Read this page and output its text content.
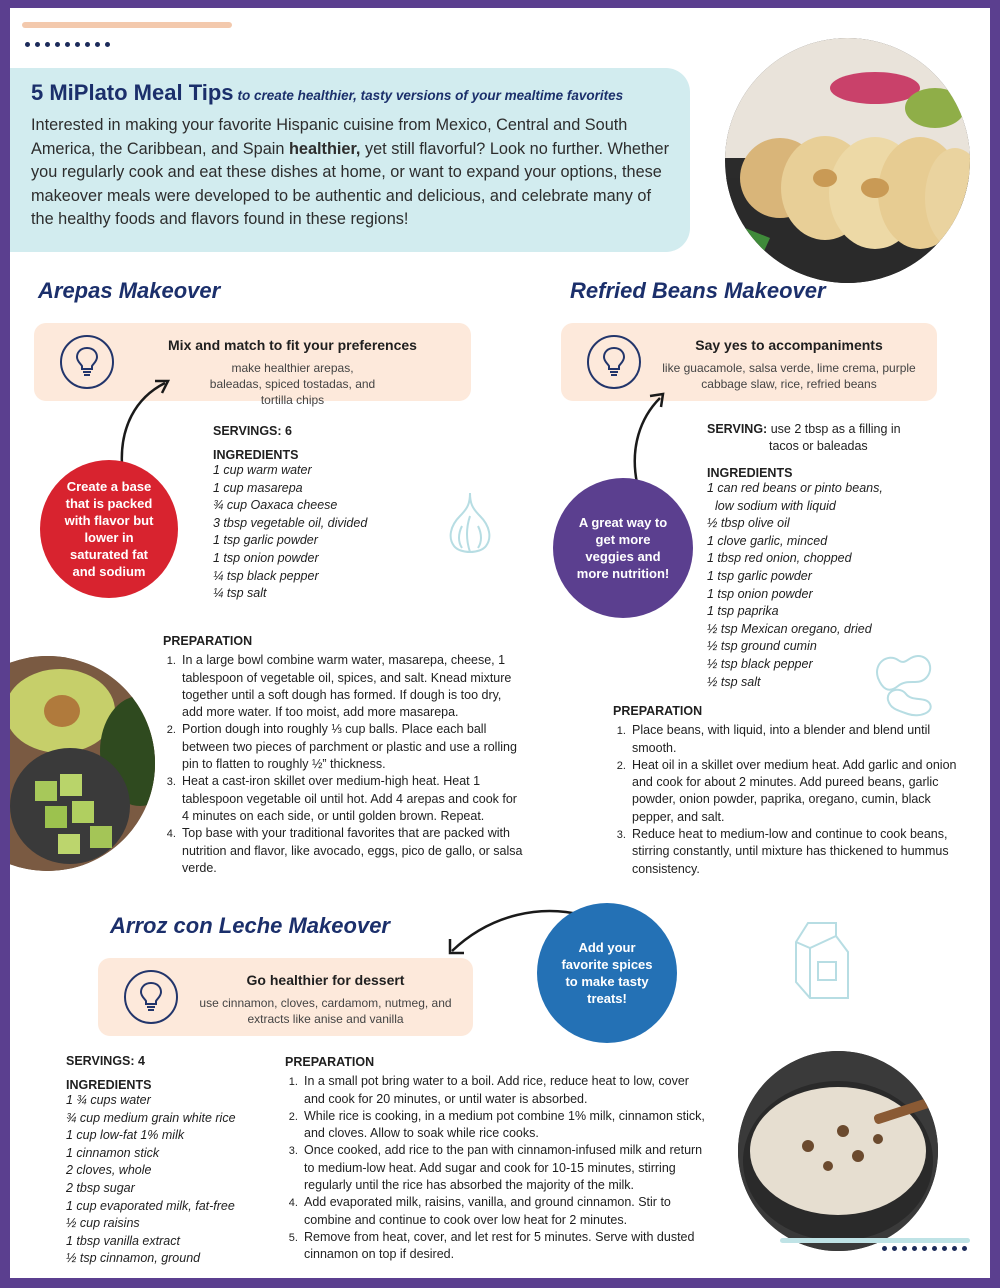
5 MiPlato Meal Tips to create healthier, tasty versions of your mealtime favorites

Interested in making your favorite Hispanic cuisine from Mexico, Central and South America, the Caribbean, and Spain healthier, yet still flavorful? Look no further. Whether you regularly cook and eat these dishes at home, or want to expand your options, these makeover meals were developed to be authentic and delicious, and celebrate many of the healthy foods and flavors found in these regions!

Arepas Makeover
Mix and match to fit your preferences
make healthier arepas, baleadas, spiced tostadas, and tortilla chips
Create a base that is packed with flavor but lower in saturated fat and sodium
SERVINGS: 6
INGREDIENTS
1 cup warm water
1 cup masarepa
¾ cup Oaxaca cheese
3 tbsp vegetable oil, divided
1 tsp garlic powder
1 tsp onion powder
¼ tsp black pepper
¼ tsp salt
PREPARATION
1. In a large bowl combine warm water, masarepa, cheese, 1 tablespoon of vegetable oil, spices, and salt. Knead mixture together until a soft dough has formed. If dough is too dry, add more water. If too moist, add more masarepa.
2. Portion dough into roughly ⅓ cup balls. Place each ball between two pieces of parchment or plastic and use a rolling pin to flatten to roughly ½” thickness.
3. Heat a cast-iron skillet over medium-high heat. Heat 1 tablespoon vegetable oil until hot. Add 4 arepas and cook for 4 minutes on each side, or until golden brown. Repeat.
4. Top base with your traditional favorites that are packed with nutrition and flavor, like avocado, eggs, pico de gallo, or salsa verde.
Refried Beans Makeover
Say yes to accompaniments
like guacamole, salsa verde, lime crema, purple cabbage slaw, rice, refried beans
A great way to get more veggies and more nutrition!
SERVING: use 2 tbsp as a filling in
tacos or baleadas
INGREDIENTS
1 can red beans or pinto beans,
low sodium with liquid
½ tbsp olive oil
1 clove garlic, minced
1 tbsp red onion, chopped
1 tsp garlic powder
1 tsp onion powder
1 tsp paprika
½ tsp Mexican oregano, dried
½ tsp ground cumin
½ tsp black pepper
½ tsp salt
PREPARATION
1. Place beans, with liquid, into a blender and blend until smooth.
2. Heat oil in a skillet over medium heat. Add garlic and onion and cook for about 2 minutes. Add pureed beans, garlic powder, onion powder, paprika, oregano, cumin, black pepper, and salt.
3. Reduce heat to medium-low and continue to cook beans, stirring constantly, until mixture has thickened to hummus consistency.
Arroz con Leche Makeover
Go healthier for dessert
use cinnamon, cloves, cardamom, nutmeg, and extracts like anise and vanilla
Add your favorite spices to make tasty treats!
SERVINGS: 4
INGREDIENTS
1 ¾ cups water
¾ cup medium grain white rice
1 cup low-fat 1% milk
1 cinnamon stick
2 cloves, whole
2 tbsp sugar
1 cup evaporated milk, fat-free
½ cup raisins
1 tbsp vanilla extract
½ tsp cinnamon, ground
PREPARATION
1. In a small pot bring water to a boil. Add rice, reduce heat to low, cover and cook for 20 minutes, or until water is absorbed.
2. While rice is cooking, in a medium pot combine 1% milk, cinnamon stick, and cloves. Allow to soak while rice cooks.
3. Once cooked, add rice to the pan with cinnamon-infused milk and return to medium-low heat. Add sugar and cook for 10-15 minutes, stirring regularly until the rice has absorbed the majority of the milk.
4. Add evaporated milk, raisins, vanilla, and ground cinnamon. Stir to combine and continue to cook over low heat for 2 minutes.
5. Remove from heat, cover, and let rest for 5 minutes. Serve with dusted cinnamon on top if desired.
